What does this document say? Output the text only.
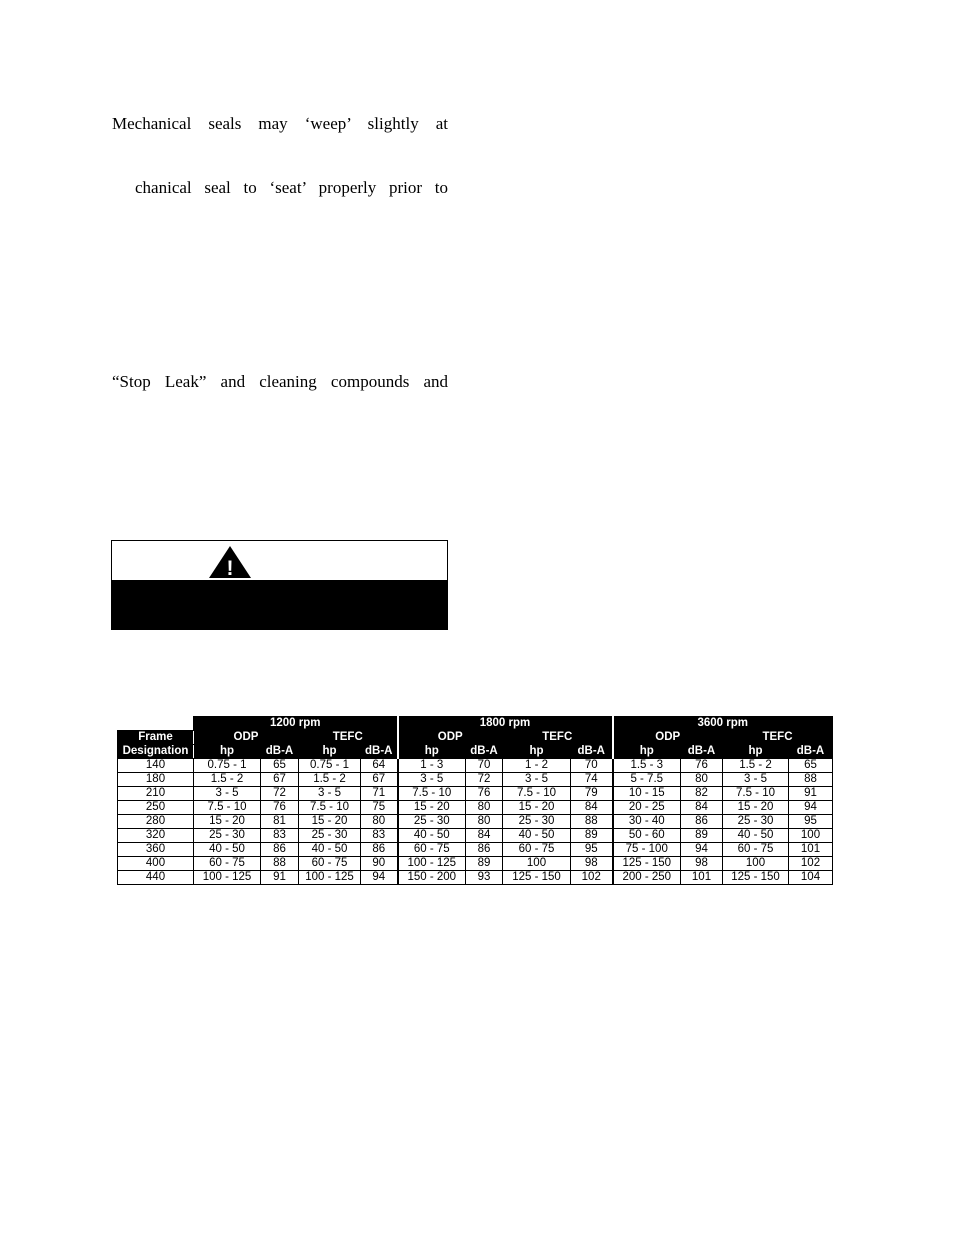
Mechanical seals may ‘weep’ slightly at
chanical seal to ‘seat’ properly prior to
“Stop Leak” and cleaning compounds and
!
	1200 rpm				1800 rpm				3600 rpm			
Frame	ODP		TEFC		ODP		TEFC		ODP		TEFC	
Designation	hp	dB-A	hp	dB-A	hp	dB-A	hp	dB-A	hp	dB-A	hp	dB-A
140	0.75 - 1	65	0.75 - 1	64	1 - 3	70	1 - 2	70	1.5 - 3	76	1.5 - 2	65
180	1.5 - 2	67	1.5 - 2	67	3 - 5	72	3 - 5	74	5 - 7.5	80	3 - 5	88
210	3 - 5	72	3 - 5	71	7.5 - 10	76	7.5 - 10	79	10 - 15	82	7.5 - 10	91
250	7.5 - 10	76	7.5 - 10	75	15 - 20	80	15 - 20	84	20 - 25	84	15 - 20	94
280	15 - 20	81	15 - 20	80	25 - 30	80	25 - 30	88	30 - 40	86	25 - 30	95
320	25 - 30	83	25 - 30	83	40 - 50	84	40 - 50	89	50 - 60	89	40 - 50	100
360	40 - 50	86	40 - 50	86	60 - 75	86	60 - 75	95	75 - 100	94	60 - 75	101
400	60 - 75	88	60 - 75	90	100 - 125	89	100	98	125 - 150	98	100	102
440	100 - 125	91	100 - 125	94	150 - 200	93	125 - 150	102	200 - 250	101	125 - 150	104
